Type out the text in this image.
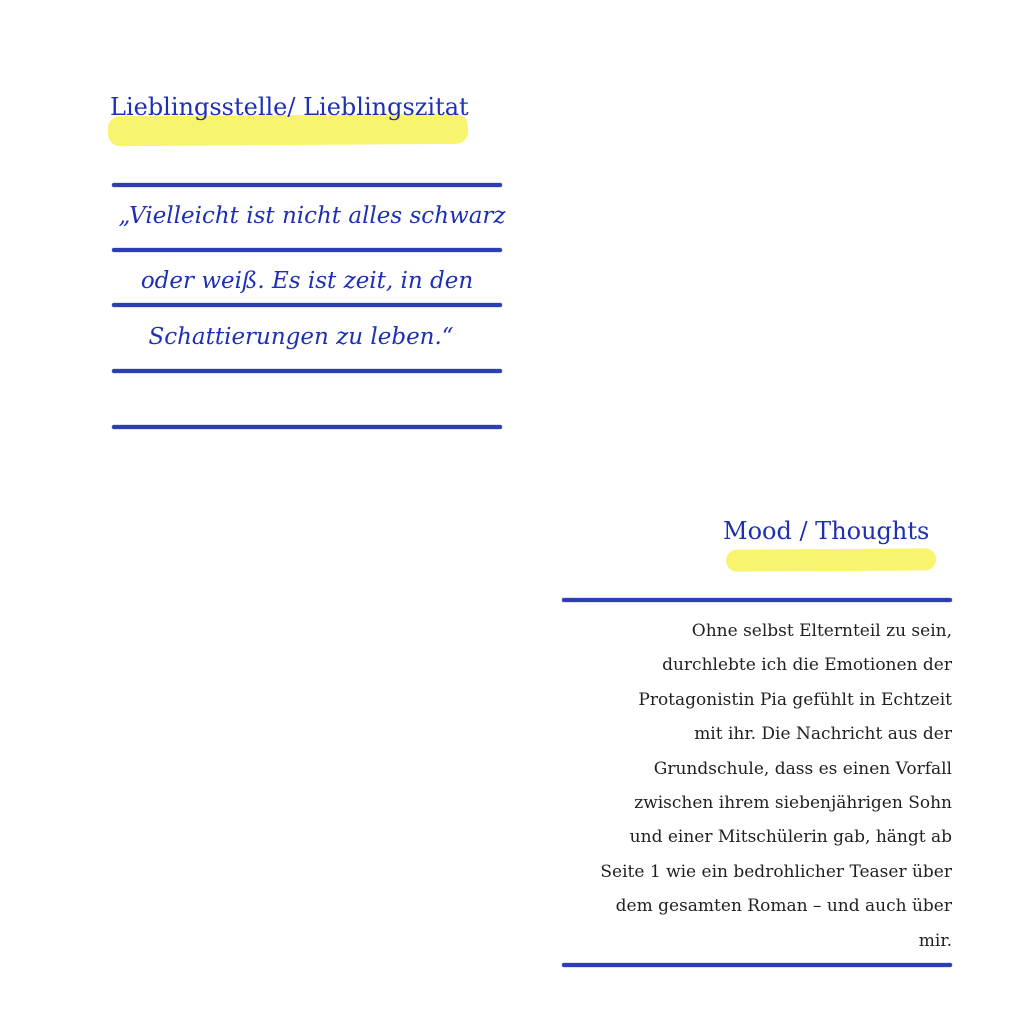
Lieblingsstelle/ Lieblingszitat
„Vielleicht ist nicht alles schwarz
oder weiß. Es ist zeit, in den
Schattierungen zu leben.“
Mood / Thoughts
Ohne selbst Elternteil zu sein,
durchlebte ich die Emotionen der
Protagonistin Pia gefühlt in Echtzeit
mit ihr. Die Nachricht aus der
Grundschule, dass es einen Vorfall
zwischen ihrem siebenjährigen Sohn
und einer Mitschülerin gab, hängt ab
Seite 1 wie ein bedrohlicher Teaser über
dem gesamten Roman – und auch über
mir.
